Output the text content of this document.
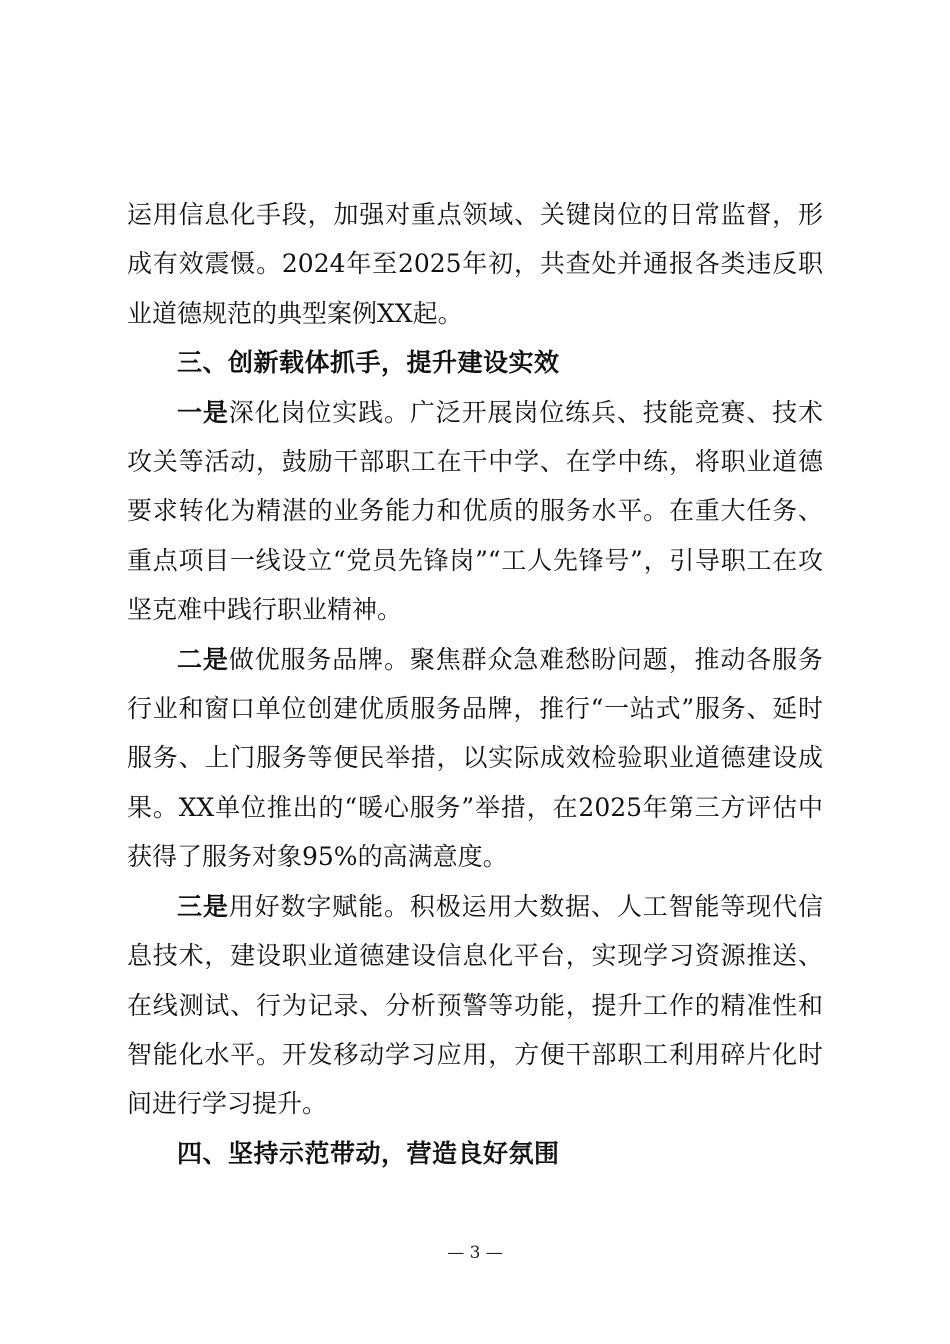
运用信息化手段，加强对重点领域、关键岗位的日常监督，形成有效震慑。2024年至2025年初，共查处并通报各类违反职业道德规范的典型案例XX起。

三、创新载体抓手，提升建设实效

一是深化岗位实践。广泛开展岗位练兵、技能竞赛、技术攻关等活动，鼓励干部职工在干中学、在学中练，将职业道德要求转化为精湛的业务能力和优质的服务水平。在重大任务、重点项目一线设立“党员先锋岗”“工人先锋号”，引导职工在攻坚克难中践行职业精神。

二是做优服务品牌。聚焦群众急难愁盼问题，推动各服务行业和窗口单位创建优质服务品牌，推行“一站式”服务、延时服务、上门服务等便民举措，以实际成效检验职业道德建设成果。XX单位推出的“暖心服务”举措，在2025年第三方评估中获得了服务对象95%的高满意度。

三是用好数字赋能。积极运用大数据、人工智能等现代信息技术，建设职业道德建设信息化平台，实现学习资源推送、在线测试、行为记录、分析预警等功能，提升工作的精准性和智能化水平。开发移动学习应用，方便干部职工利用碎片化时间进行学习提升。

四、坚持示范带动，营造良好氛围

— 3 —
